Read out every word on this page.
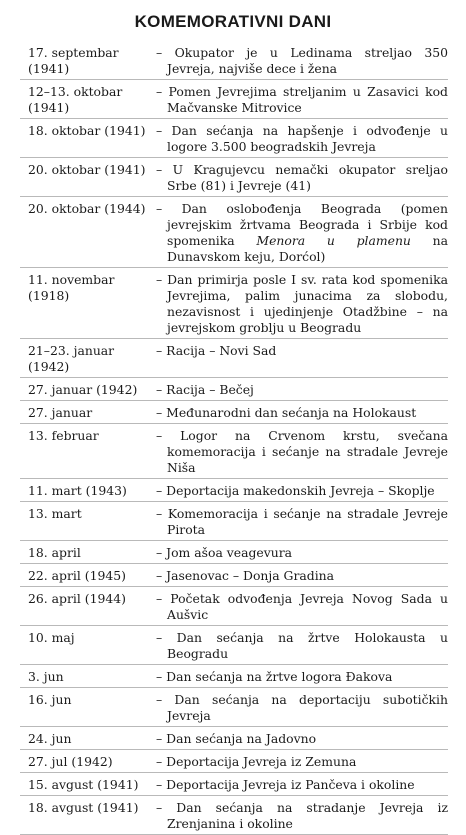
KOMEMORATIVNI DANI
17. septembar (1941)
– Okupator je u Ledinama streljao 350 Jevreja, najviše dece i žena
12–13. oktobar (1941)
– Pomen Jevrejima streljanim u Zasavici kod Mačvanske Mitrovice
18. oktobar (1941) – Dan sećanja na hapšenje i odvođenje u logore 3.500 beogradskih Jevreja
20. oktobar (1941) – U Kragujevcu nemački okupator sreljao Srbe (81) i Jevreje (41)
20. oktobar (1944) – Dan oslobođenja Beograda (pomen jevrejskim žrtvama Beograda i Srbije kod spomenika Menora u plamenu na Dunavskom keju, Dorćol)
11. novembar (1918)
– Dan primirja posle I sv. rata kod spomenika Jevrejima, palim junacima za slobodu, nezavisnost i ujedinjenje Otadžbine – na jevrejskom groblju u Beogradu
21–23. januar (1942)
– Racija – Novi Sad
27. januar (1942)	– Racija – Bečej
27. januar	– Međunarodni dan sećanja na Holokaust
13. februar	– Logor na Crvenom krstu, svečana komemoracija i sećanje na stradale Jevreje Niša
11. mart (1943)	– Deportacija makedonskih Jevreja – Skoplje
13. mart	– Komemoracija i sećanje na stradale Jevreje Pirota
18. april	– Jom ašoa veagevura
22. april (1945)	– Jasenovac – Donja Gradina
26. april (1944)	– Početak odvođenja Jevreja Novog Sada u Aušvic
10. maj	– Dan sećanja na žrtve Holokausta u Beogradu
3. jun	– Dan sećanja na žrtve logora Đakova
16. jun	– Dan sećanja na deportaciju subotičkih Jevreja
24. jun	– Dan sećanja na Jadovno
27. jul (1942)	– Deportacija Jevreja iz Zemuna
15. avgust (1941)	– Deportacija Jevreja iz Pančeva i okoline
18. avgust (1941)	– Dan sećanja na stradanje Jevreja iz Zrenjanina i okoline
